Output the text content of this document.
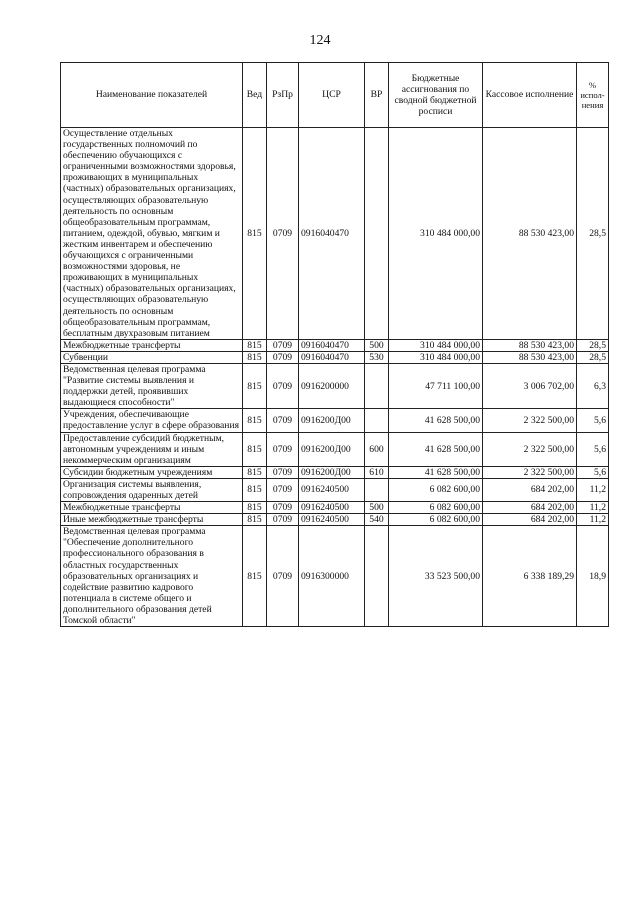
124
Наименование показателей	Вед	РзПр	ЦСР	ВР	Бюджетные ассигнования по сводной бюджетной росписи	Кассовое исполнение	% испол- нения
Осуществление отдельных государственных полномочий по обеспечению обучающихся с ограниченными возможностями здоровья, проживающих в муниципальных (частных) образовательных организациях, осуществляющих образовательную деятельность по основным общеобразовательным программам, питанием, одеждой, обувью, мягким и жестким инвентарем и обеспечению обучающихся с ограниченными возможностями здоровья, не проживающих в муниципальных (частных) образовательных организациях, осуществляющих образовательную деятельность по основным общеобразовательным программам, бесплатным двухразовым питанием	815	0709	0916040470		310 484 000,00	88 530 423,00	28,5
Межбюджетные трансферты	815	0709	0916040470	500	310 484 000,00	88 530 423,00	28,5
Субвенции	815	0709	0916040470	530	310 484 000,00	88 530 423,00	28,5
Ведомственная целевая программа "Развитие системы выявления и поддержки детей, проявивших выдающиеся способности"	815	0709	0916200000		47 711 100,00	3 006 702,00	6,3
Учреждения, обеспечивающие предоставление услуг в сфере образования	815	0709	0916200Д00		41 628 500,00	2 322 500,00	5,6
Предоставление субсидий бюджетным, автономным учреждениям и иным некоммерческим организациям	815	0709	0916200Д00	600	41 628 500,00	2 322 500,00	5,6
Субсидии бюджетным учреждениям	815	0709	0916200Д00	610	41 628 500,00	2 322 500,00	5,6
Организация системы выявления, сопровождения одаренных детей	815	0709	0916240500		6 082 600,00	684 202,00	11,2
Межбюджетные трансферты	815	0709	0916240500	500	6 082 600,00	684 202,00	11,2
Иные межбюджетные трансферты	815	0709	0916240500	540	6 082 600,00	684 202,00	11,2
Ведомственная целевая программа "Обеспечение дополнительного профессионального образования в областных государственных образовательных организациях и содействие развитию кадрового потенциала в системе общего и дополнительного образования детей Томской области"	815	0709	0916300000		33 523 500,00	6 338 189,29	18,9
